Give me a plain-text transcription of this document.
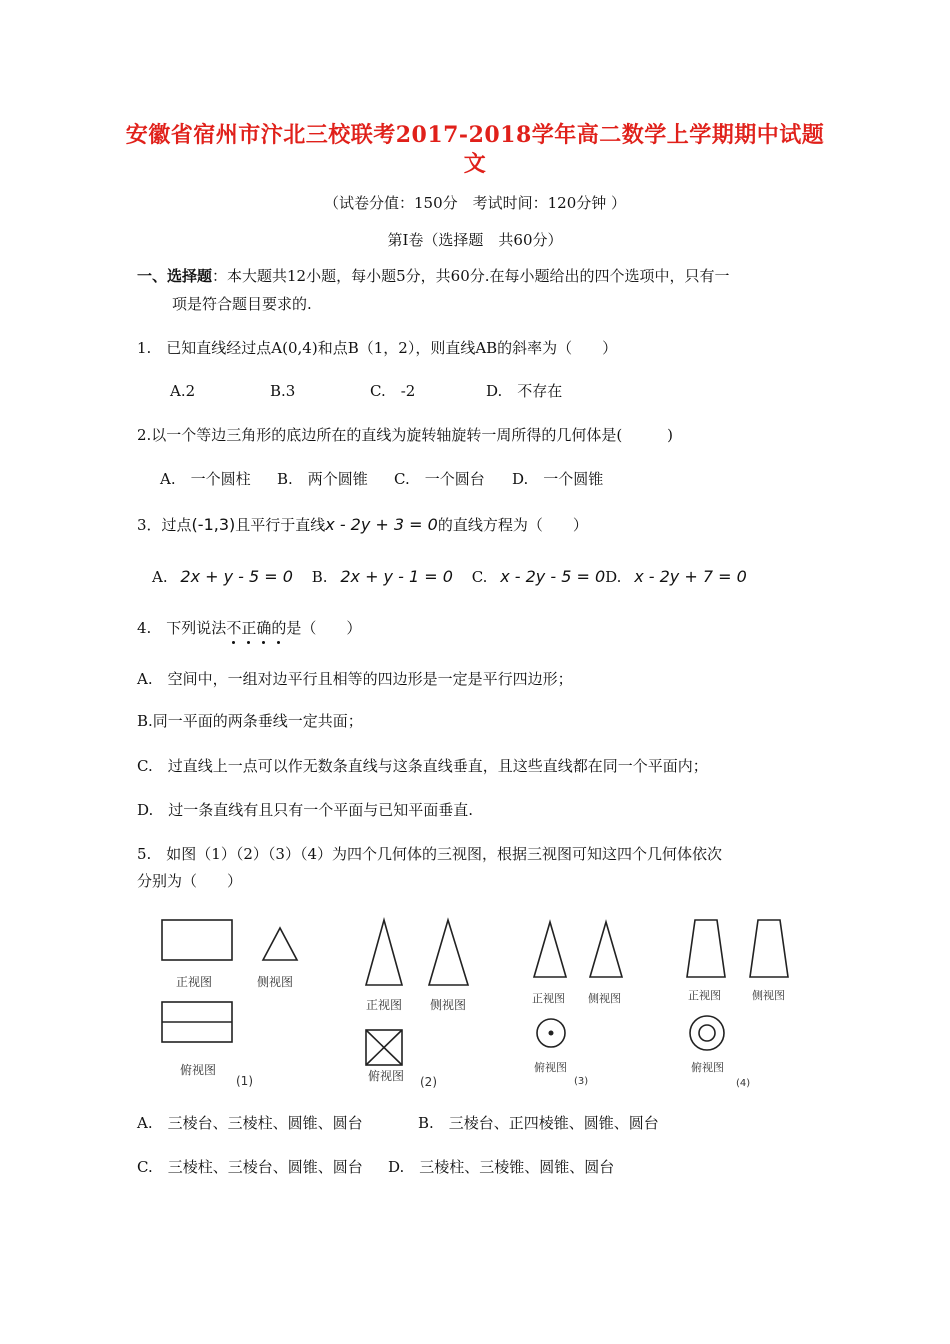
安徽省宿州市汴北三校联考2017-2018学年高二数学上学期期中试题
文
（试卷分值：150分　考试时间：120分钟 ）
第Ⅰ卷（选择题　共60分）
一、选择题：本大题共12小题，每小题5分，共60分.在每小题给出的四个选项中，只有一
项是符合题目要求的.
1.　已知直线经过点A(0,4)和点B（1，2），则直线AB的斜率为（　　）
A.2	B.3	C.　-2	D.　不存在
2.以一个等边三角形的底边所在的直线为旋转轴旋转一周所得的几何体是(　　　)
A.　一个圆柱 B.　两个圆锥 C.　一个圆台 D.　一个圆锥
3．过点(-1,3)且平行于直线x - 2y + 3 = 0的直线方程为（　　）
A. 2x + y - 5 = 0 B. 2x + y - 1 = 0 C. x - 2y - 5 = 0D. x - 2y + 7 = 0
4.　下列说法不正确的是（　　）
A.　空间中，一组对边平行且相等的四边形是一定是平行四边形；
B.同一平面的两条垂线一定共面；
C.　过直线上一点可以作无数条直线与这条直线垂直，且这些直线都在同一个平面内；
D.　过一条直线有且只有一个平面与已知平面垂直.
5.　如图（1）（2）（3）（4）为四个几何体的三视图，根据三视图可知这四个几何体依次
分别为（　　）
正视图	侧视图
俯视图
(1)
正视图 侧视图
俯视图 (2)
正视图 侧视图
俯视图
(3)
正视图	侧视图
俯视图
(4)
A.　三棱台、三棱柱、圆锥、圆台	B.　三棱台、正四棱锥、圆锥、圆台
C.　三棱柱、三棱台、圆锥、圆台 D.　三棱柱、三棱锥、圆锥、圆台
